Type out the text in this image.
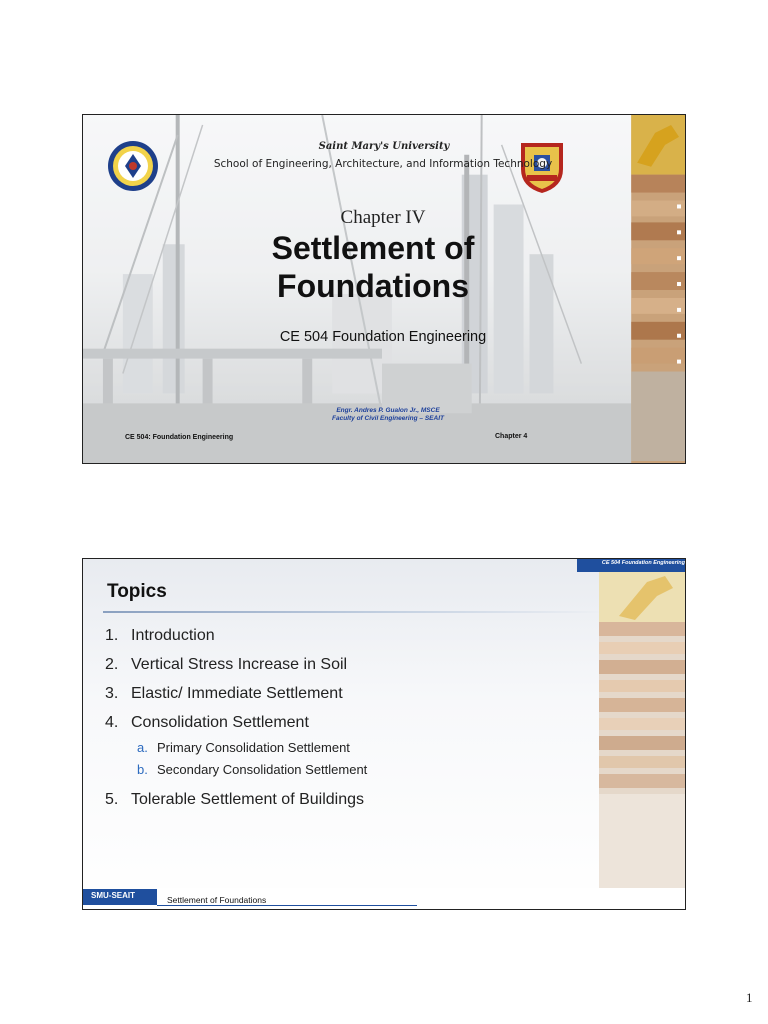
Saint Mary's University
School of Engineering, Architecture, and Information Technology
Chapter IV
Settlement of
Foundations
CE 504 Foundation Engineering
Engr. Andres P. Gualon Jr., MSCE
Faculty of Civil Engineering – SEAIT
CE 504: Foundation Engineering	Chapter 4
CE 504 Foundation Engineering
Topics
1. Introduction
2. Vertical Stress Increase in Soil
3. Elastic/ Immediate Settlement
4. Consolidation Settlement
a. Primary Consolidation Settlement
b. Secondary Consolidation Settlement
5. Tolerable Settlement of Buildings
SMU-SEAIT	Settlement of Foundations
1
